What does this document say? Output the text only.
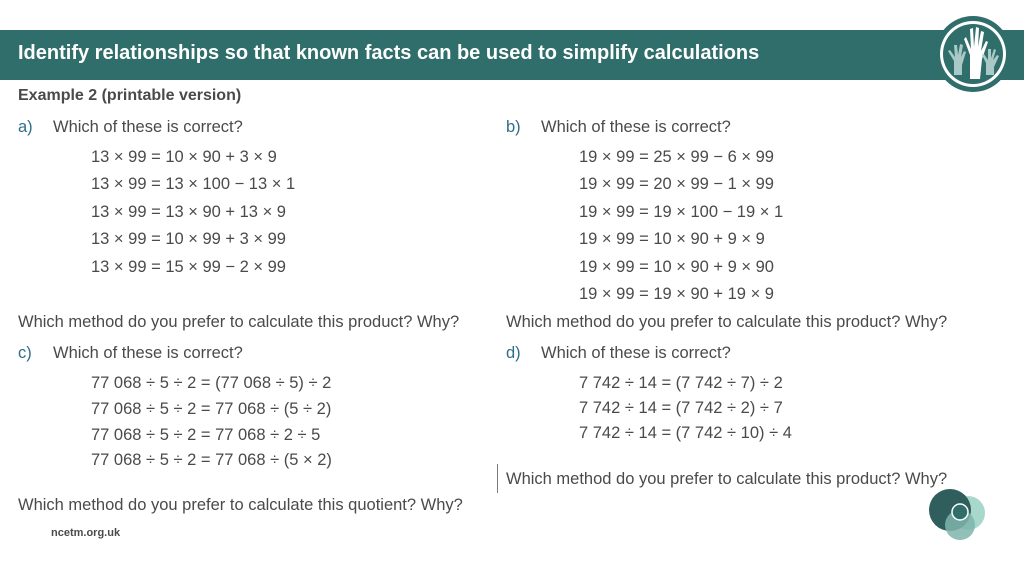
Identify relationships so that known facts can be used to simplify calculations
Example 2 (printable version)
a) Which of these is correct?
13 × 99 = 10 × 90 + 3 × 9
13 × 99 = 13 × 100 − 13 × 1
13 × 99 = 13 × 90 + 13 × 9
13 × 99 = 10 × 99 + 3 × 99
13 × 99 = 15 × 99 − 2 × 99
Which method do you prefer to calculate this product? Why?
b) Which of these is correct?
19 × 99 = 25 × 99 − 6 × 99
19 × 99 = 20 × 99 − 1 × 99
19 × 99 = 19 × 100 − 19 × 1
19 × 99 = 10 × 90 + 9 × 9
19 × 99 = 10 × 90 + 9 × 90
19 × 99 = 19 × 90 + 19 × 9
Which method do you prefer to calculate this product? Why?
c) Which of these is correct?
77 068 ÷ 5 ÷ 2 = (77 068 ÷ 5) ÷ 2
77 068 ÷ 5 ÷ 2 = 77 068 ÷ (5 ÷ 2)
77 068 ÷ 5 ÷ 2 = 77 068 ÷ 2 ÷ 5
77 068 ÷ 5 ÷ 2 = 77 068 ÷ (5 × 2)
Which method do you prefer to calculate this quotient? Why?
d) Which of these is correct?
7 742 ÷ 14 = (7 742 ÷ 7) ÷ 2
7 742 ÷ 14 = (7 742 ÷ 2) ÷ 7
7 742 ÷ 14 = (7 742 ÷ 10) ÷ 4
Which method do you prefer to calculate this product? Why?
ncetm.org.uk
